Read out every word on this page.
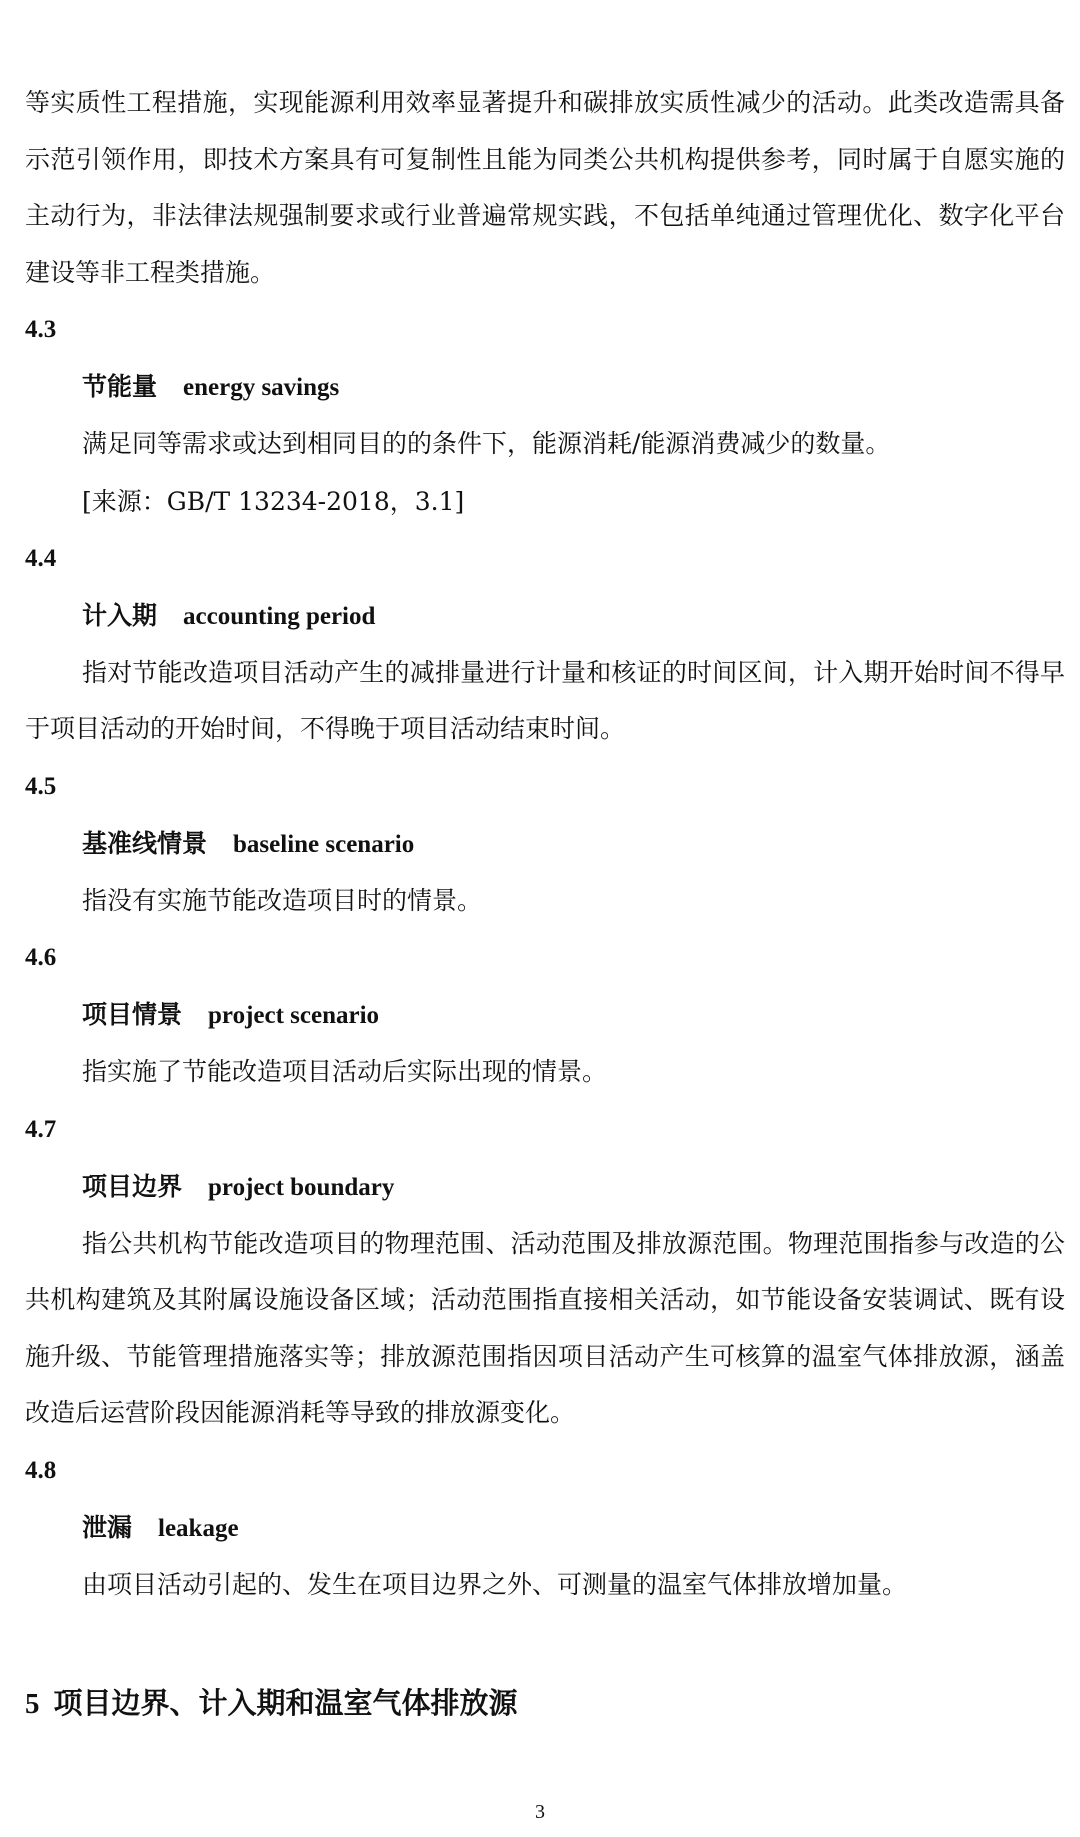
等实质性工程措施，实现能源利用效率显著提升和碳排放实质性减少的活动。此类改造需具备示范引领作用，即技术方案具有可复制性且能为同类公共机构提供参考，同时属于自愿实施的主动行为，非法律法规强制要求或行业普遍常规实践，不包括单纯通过管理优化、数字化平台建设等非工程类措施。

4.3

节能量 energy savings

满足同等需求或达到相同目的的条件下，能源消耗/能源消费减少的数量。

[来源：GB/T 13234-2018，3.1]

4.4

计入期 accounting period

指对节能改造项目活动产生的减排量进行计量和核证的时间区间，计入期开始时间不得早于项目活动的开始时间，不得晚于项目活动结束时间。

4.5

基准线情景 baseline scenario

指没有实施节能改造项目时的情景。

4.6

项目情景 project scenario

指实施了节能改造项目活动后实际出现的情景。

4.7

项目边界 project boundary

指公共机构节能改造项目的物理范围、活动范围及排放源范围。物理范围指参与改造的公共机构建筑及其附属设施设备区域；活动范围指直接相关活动，如节能设备安装调试、既有设施升级、节能管理措施落实等；排放源范围指因项目活动产生可核算的温室气体排放源，涵盖改造后运营阶段因能源消耗等导致的排放源变化。

4.8

泄漏 leakage

由项目活动引起的、发生在项目边界之外、可测量的温室气体排放增加量。

5 项目边界、计入期和温室气体排放源
3
